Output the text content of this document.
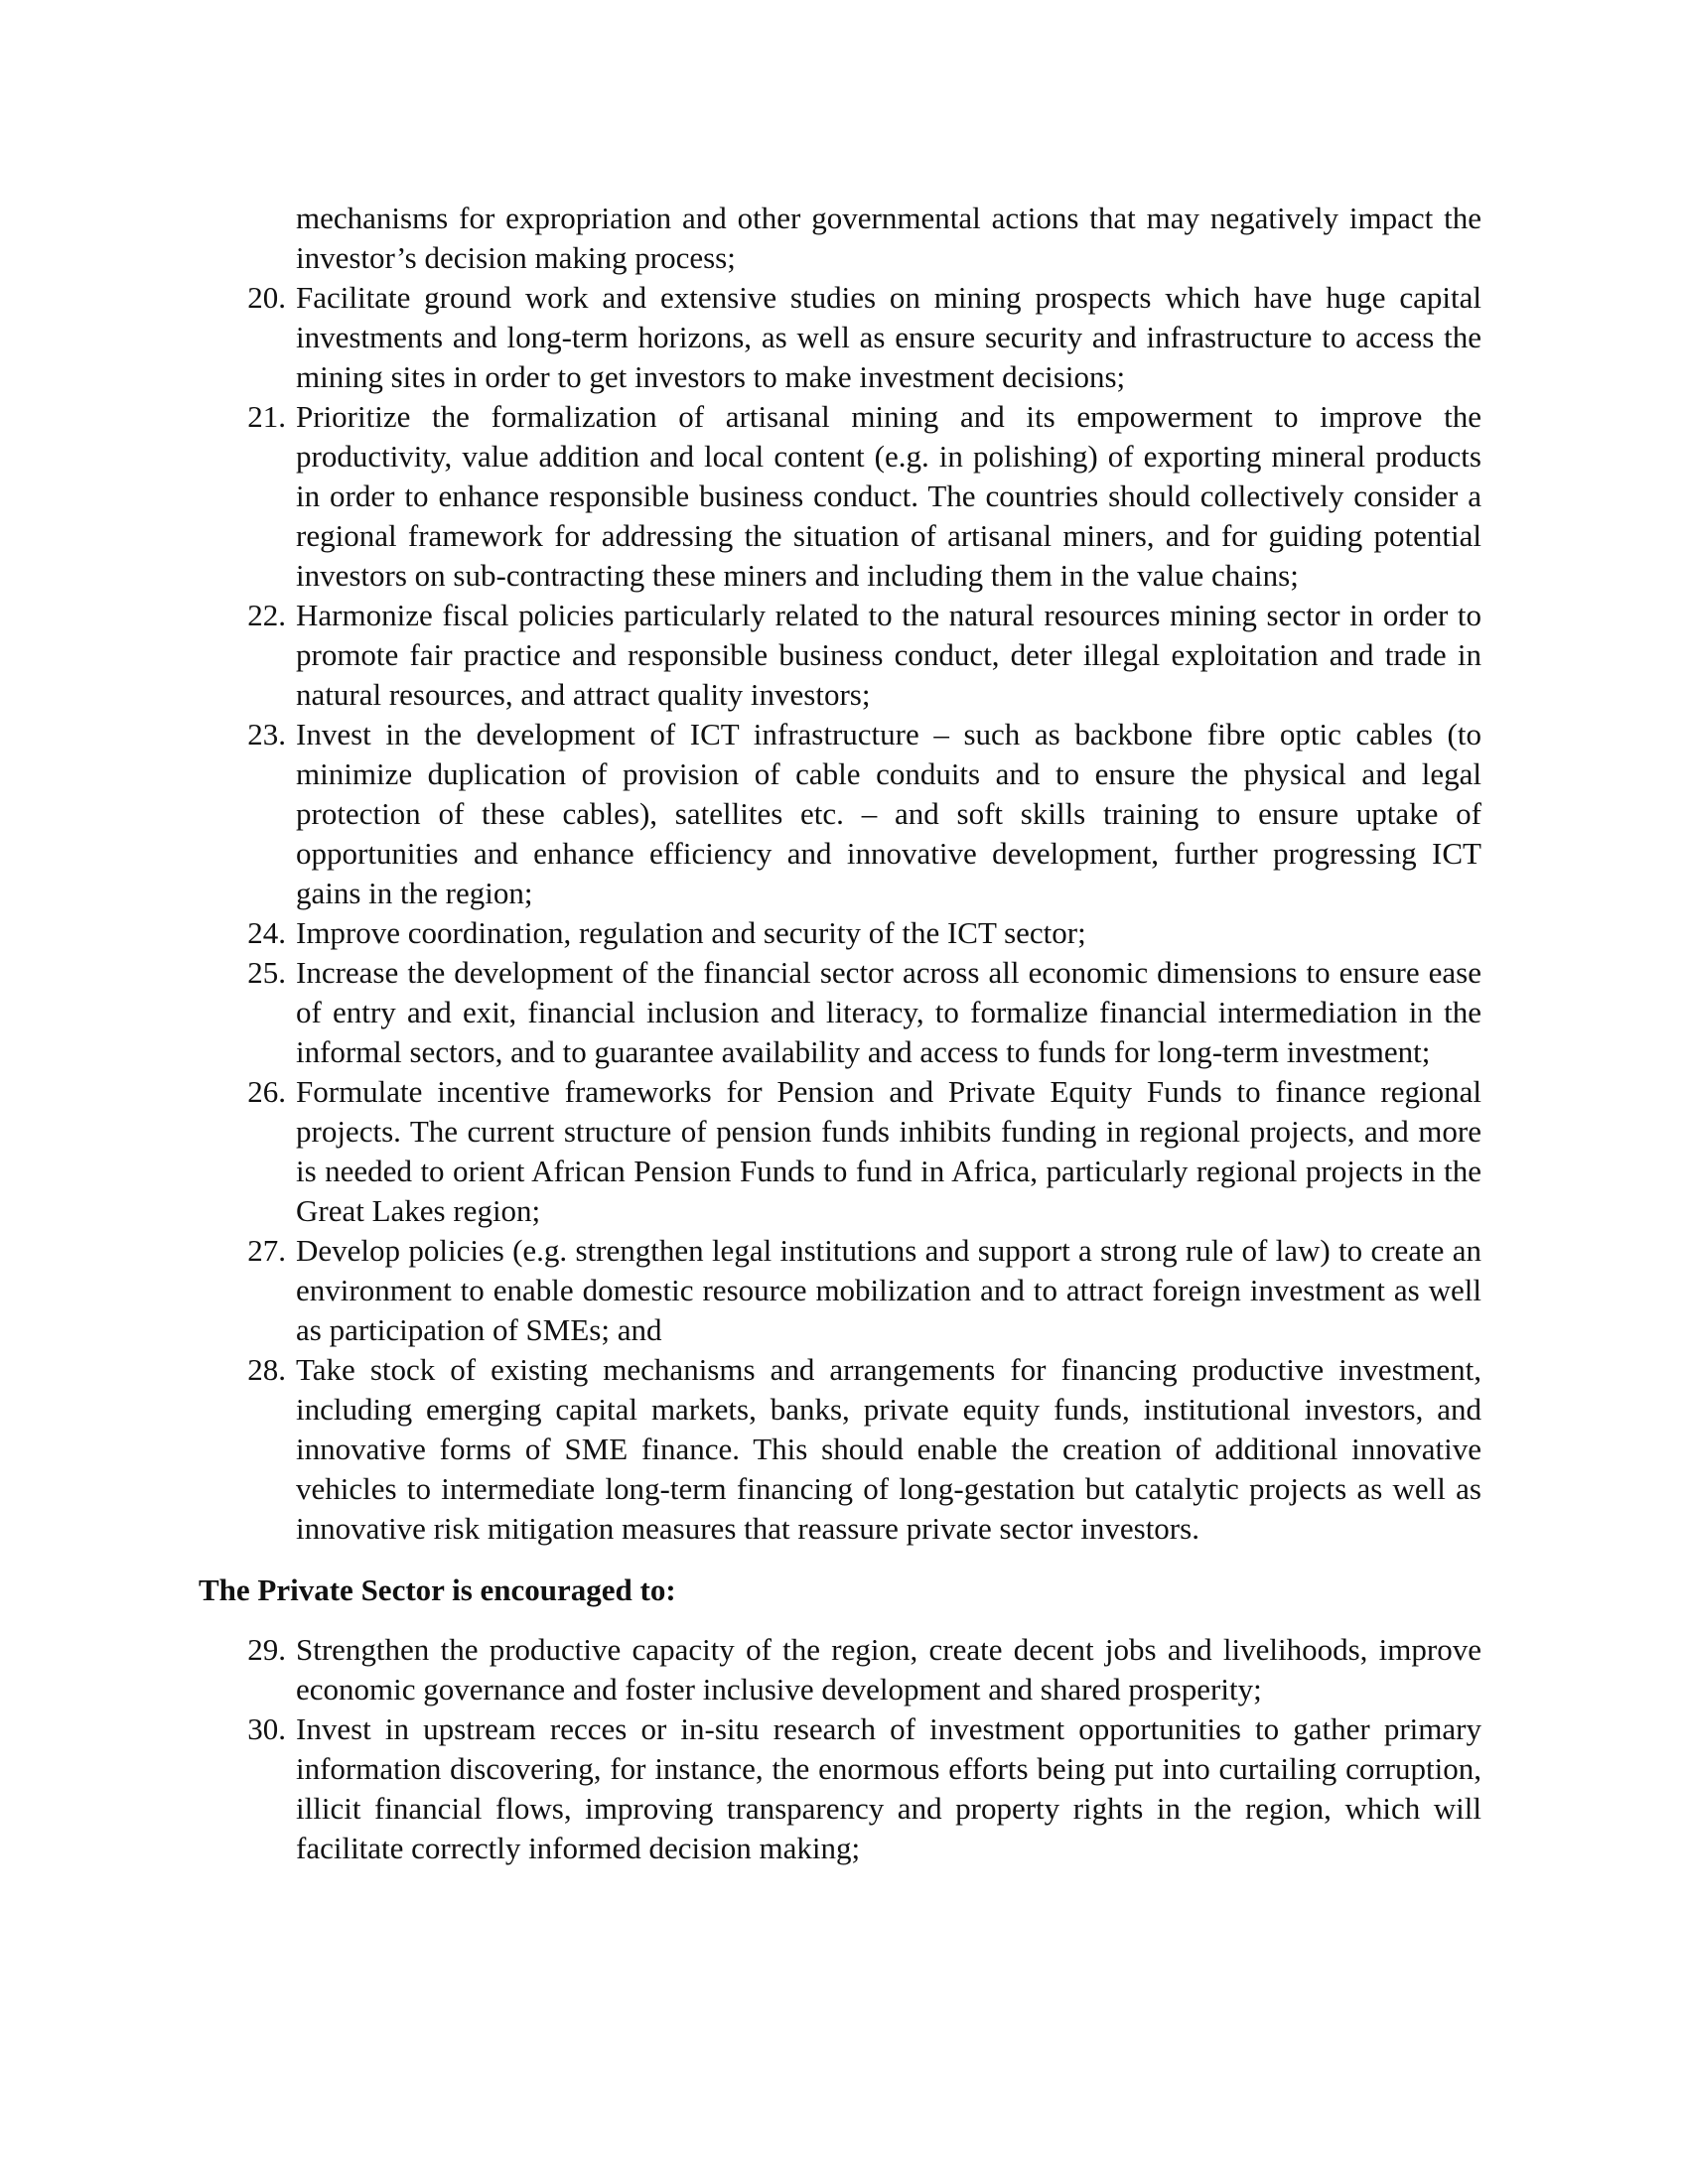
mechanisms for expropriation and other governmental actions that may negatively impact the investor’s decision making process;
20. Facilitate ground work and extensive studies on mining prospects which have huge capital investments and long-term horizons, as well as ensure security and infrastructure to access the mining sites in order to get investors to make investment decisions;
21. Prioritize the formalization of artisanal mining and its empowerment to improve the productivity, value addition and local content (e.g. in polishing) of exporting mineral products in order to enhance responsible business conduct. The countries should collectively consider a regional framework for addressing the situation of artisanal miners, and for guiding potential investors on sub-contracting these miners and including them in the value chains;
22. Harmonize fiscal policies particularly related to the natural resources mining sector in order to promote fair practice and responsible business conduct, deter illegal exploitation and trade in natural resources, and attract quality investors;
23. Invest in the development of ICT infrastructure – such as backbone fibre optic cables (to minimize duplication of provision of cable conduits and to ensure the physical and legal protection of these cables), satellites etc. – and soft skills training to ensure uptake of opportunities and enhance efficiency and innovative development, further progressing ICT gains in the region;
24. Improve coordination, regulation and security of the ICT sector;
25. Increase the development of the financial sector across all economic dimensions to ensure ease of entry and exit, financial inclusion and literacy, to formalize financial intermediation in the informal sectors, and to guarantee availability and access to funds for long-term investment;
26. Formulate incentive frameworks for Pension and Private Equity Funds to finance regional projects. The current structure of pension funds inhibits funding in regional projects, and more is needed to orient African Pension Funds to fund in Africa, particularly regional projects in the Great Lakes region;
27. Develop policies (e.g. strengthen legal institutions and support a strong rule of law) to create an environment to enable domestic resource mobilization and to attract foreign investment as well as participation of SMEs; and
28. Take stock of existing mechanisms and arrangements for financing productive investment, including emerging capital markets, banks, private equity funds, institutional investors, and innovative forms of SME finance. This should enable the creation of additional innovative vehicles to intermediate long-term financing of long-gestation but catalytic projects as well as innovative risk mitigation measures that reassure private sector investors.
The Private Sector is encouraged to:
29. Strengthen the productive capacity of the region, create decent jobs and livelihoods, improve economic governance and foster inclusive development and shared prosperity;
30. Invest in upstream recces or in-situ research of investment opportunities to gather primary information discovering, for instance, the enormous efforts being put into curtailing corruption, illicit financial flows, improving transparency and property rights in the region, which will facilitate correctly informed decision making;
